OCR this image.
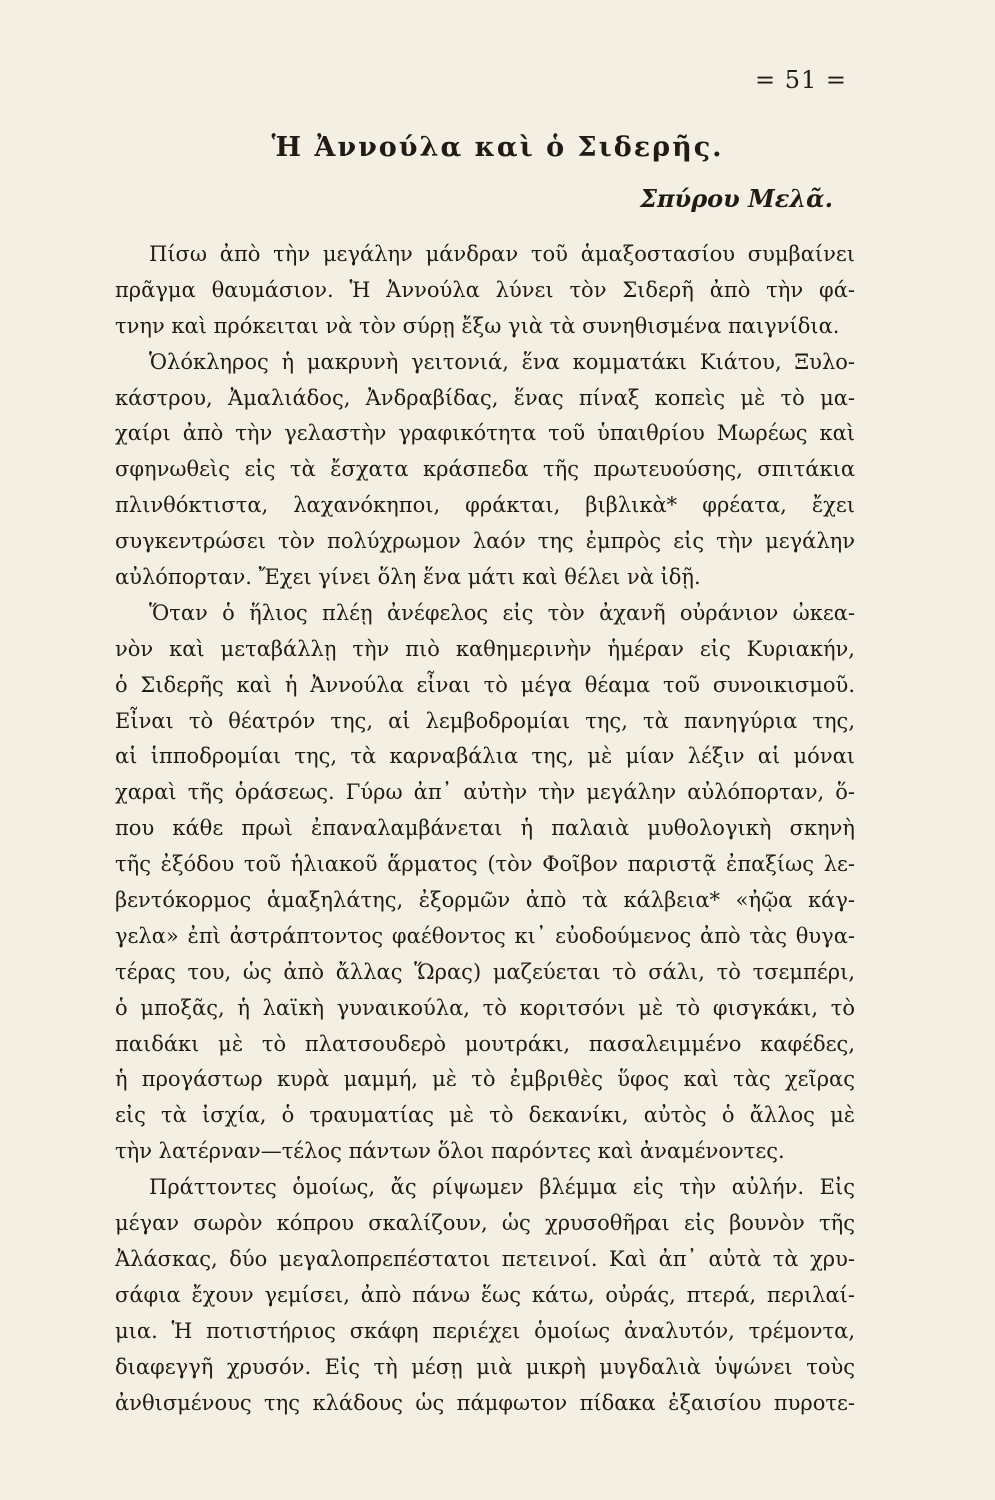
= 51 =
Ἡ Ἀννούλα καὶ ὁ Σιδερῆς.
Σπύρου Μελᾶ.
Πίσω ἀπὸ τὴν μεγάλην μάνδραν τοῦ ἁμαξοστασίου συμβαίνει
πρᾶγμα θαυμάσιον. Ἡ Ἀννούλα λύνει τὸν Σιδερῆ ἀπὸ τὴν φά-
τνην καὶ πρόκειται νὰ τὸν σύρῃ ἔξω γιὰ τὰ συνηθισμένα παιγνίδια.
Ὁλόκληρος ἡ μακρυνὴ γειτονιά, ἕνα κομματάκι Κιάτου, Ξυλο-
κάστρου, Ἀμαλιάδος, Ἀνδραβίδας, ἕνας πίναξ κοπεὶς μὲ τὸ μα-
χαίρι ἀπὸ τὴν γελαστὴν γραφικότητα τοῦ ὑπαιθρίου Μωρέως καὶ
σφηνωθεὶς εἰς τὰ ἔσχατα κράσπεδα τῆς πρωτευούσης, σπιτάκια
πλινθόκτιστα, λαχανόκηποι, φράκται, βιβλικὰ* φρέατα, ἔχει
συγκεντρώσει τὸν πολύχρωμον λαόν της ἐμπρὸς εἰς τὴν μεγάλην
αὐλόπορταν. Ἔχει γίνει ὅλη ἕνα μάτι καὶ θέλει νὰ ἰδῇ.
Ὅταν ὁ ἥλιος πλέῃ ἀνέφελος εἰς τὸν ἀχανῆ οὐράνιον ὠκεα-
νὸν καὶ μεταβάλλῃ τὴν πιὸ καθημερινὴν ἡμέραν εἰς Κυριακήν,
ὁ Σιδερῆς καὶ ἡ Ἀννούλα εἶναι τὸ μέγα θέαμα τοῦ συνοικισμοῦ.
Εἶναι τὸ θέατρόν της, αἱ λεμβοδρομίαι της, τὰ πανηγύρια της,
αἱ ἱπποδρομίαι της, τὰ καρναβάλια της, μὲ μίαν λέξιν αἱ μόναι
χαραὶ τῆς ὁράσεως. Γύρω ἀπ᾽ αὐτὴν τὴν μεγάλην αὐλόπορταν, ὅ-
που κάθε πρωὶ ἐπαναλαμβάνεται ἡ παλαιὰ μυθολογικὴ σκηνὴ
τῆς ἐξόδου τοῦ ἡλιακοῦ ἅρματος (τὸν Φοῖβον παριστᾷ ἐπαξίως λε-
βεντόκορμος ἁμαξηλάτης, ἐξορμῶν ἀπὸ τὰ κάλβεια* «ἠῷα κάγ-
γελα» ἐπὶ ἀστράπτοντος φαέθοντος κι᾽ εὐοδούμενος ἀπὸ τὰς θυγα-
τέρας του, ὡς ἀπὸ ἄλλας Ὥρας) μαζεύεται τὸ σάλι, τὸ τσεμπέρι,
ὁ μποξᾶς, ἡ λαϊκὴ γυναικούλα, τὸ κοριτσόνι μὲ τὸ φισγκάκι, τὸ
παιδάκι μὲ τὸ πλατσουδερὸ μουτράκι, πασαλειμμένο καφέδες,
ἡ προγάστωρ κυρὰ μαμμή, μὲ τὸ ἐμβριθὲς ὕφος καὶ τὰς χεῖρας
εἰς τὰ ἰσχία, ὁ τραυματίας μὲ τὸ δεκανίκι, αὐτὸς ὁ ἄλλος μὲ
τὴν λατέρναν—τέλος πάντων ὅλοι παρόντες καὶ ἀναμένοντες.
Πράττοντες ὁμοίως, ἄς ρίψωμεν βλέμμα εἰς τὴν αὐλήν. Εἰς
μέγαν σωρὸν κόπρου σκαλίζουν, ὡς χρυσοθῆραι εἰς βουνὸν τῆς
Ἀλάσκας, δύο μεγαλοπρεπέστατοι πετεινοί. Καὶ ἀπ᾽ αὐτὰ τὰ χρυ-
σάφια ἔχουν γεμίσει, ἀπὸ πάνω ἕως κάτω, οὐράς, πτερά, περιλαί-
μια. Ἡ ποτιστήριος σκάφη περιέχει ὁμοίως ἀναλυτόν, τρέμοντα,
διαφεγγῆ χρυσόν. Εἰς τὴ μέσῃ μιὰ μικρὴ μυγδαλιὰ ὑψώνει τοὺς
ἀνθισμένους της κλάδους ὡς πάμφωτον πίδακα ἐξαισίου πυροτε-
